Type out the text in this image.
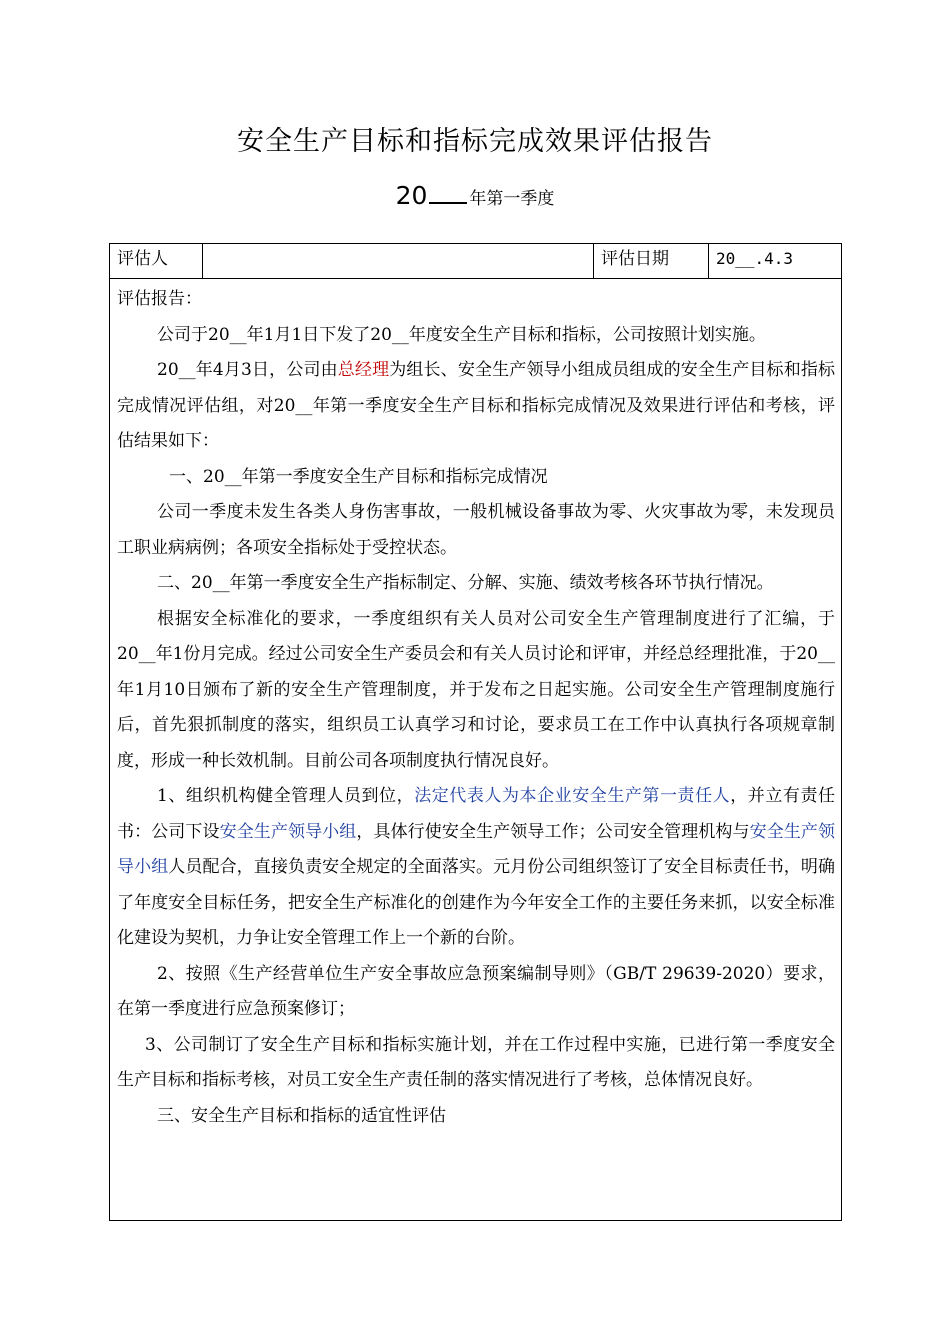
安全生产目标和指标完成效果评估报告
20 年第一季度
评估人	评估日期	20__.4.3

评估报告：

公司于20__年1月1日下发了20__年度安全生产目标和指标，公司按照计划实施。

20__年4月3日，公司由总经理为组长、安全生产领导小组成员组成的安全生产目标和指标完成情况评估组，对20__年第一季度安全生产目标和指标完成情况及效果进行评估和考核，评估结果如下：

一、20__年第一季度安全生产目标和指标完成情况

公司一季度未发生各类人身伤害事故，一般机械设备事故为零、火灾事故为零，未发现员工职业病病例；各项安全指标处于受控状态。

二、20__年第一季度安全生产指标制定、分解、实施、绩效考核各环节执行情况。

根据安全标准化的要求，一季度组织有关人员对公司安全生产管理制度进行了汇编，于20__年1份月完成。经过公司安全生产委员会和有关人员讨论和评审，并经总经理批准，于20__年1月10日颁布了新的安全生产管理制度，并于发布之日起实施。公司安全生产管理制度施行后，首先狠抓制度的落实，组织员工认真学习和讨论，要求员工在工作中认真执行各项规章制度，形成一种长效机制。目前公司各项制度执行情况良好。

1、组织机构健全管理人员到位，法定代表人为本企业安全生产第一责任人，并立有责任书：公司下设安全生产领导小组，具体行使安全生产领导工作；公司安全管理机构与安全生产领导小组人员配合，直接负责安全规定的全面落实。元月份公司组织签订了安全目标责任书，明确了年度安全目标任务，把安全生产标准化的创建作为今年安全工作的主要任务来抓，以安全标准化建设为契机，力争让安全管理工作上一个新的台阶。

2、按照《生产经营单位生产安全事故应急预案编制导则》（GB/T 29639-2020）要求，在第一季度进行应急预案修订；

3、公司制订了安全生产目标和指标实施计划，并在工作过程中实施，已进行第一季度安全生产目标和指标考核，对员工安全生产责任制的落实情况进行了考核，总体情况良好。

三、安全生产目标和指标的适宜性评估
